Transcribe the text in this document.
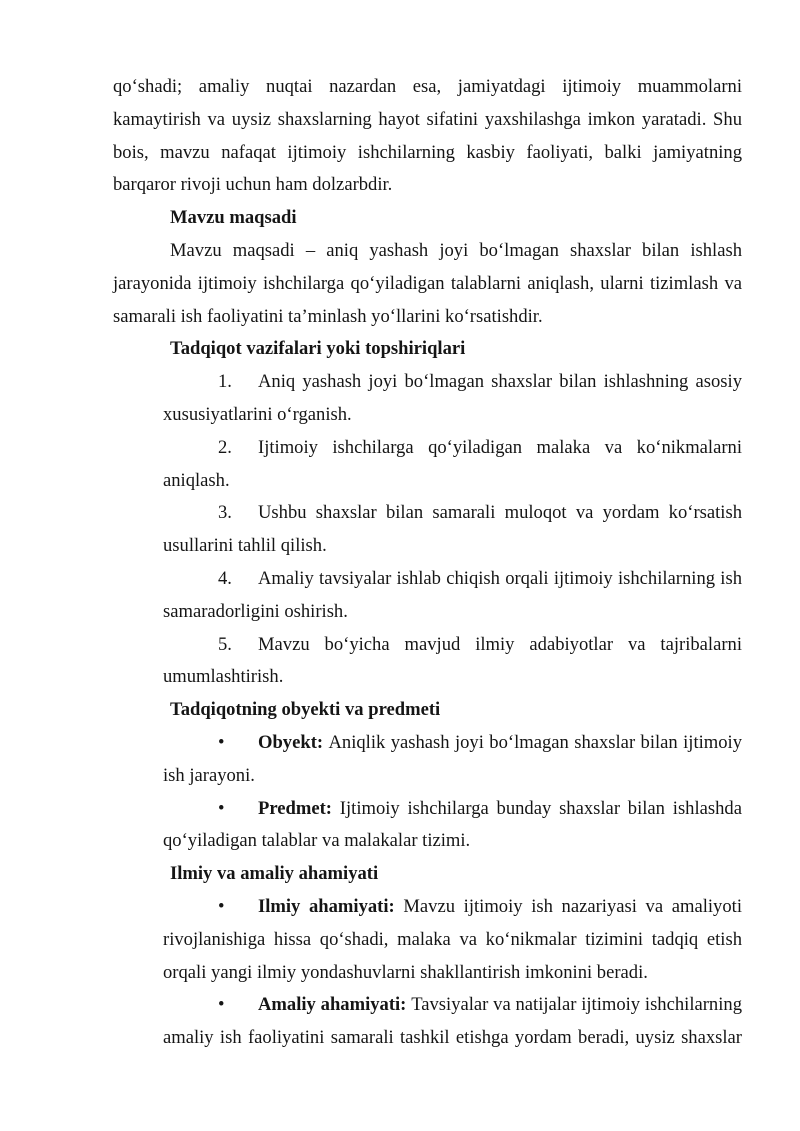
qoʻshadi; amaliy nuqtai nazardan esa, jamiyatdagi ijtimoiy muammolarni kamaytirish va uysiz shaxslarning hayot sifatini yaxshilashga imkon yaratadi. Shu bois, mavzu nafaqat ijtimoiy ishchilarning kasbiy faoliyati, balki jamiyatning barqaror rivoji uchun ham dolzarbdir.

Mavzu maqsadi

Mavzu maqsadi – aniq yashash joyi boʻlmagan shaxslar bilan ishlash jarayonida ijtimoiy ishchilarga qoʻyiladigan talablarni aniqlash, ularni tizimlash va samarali ish faoliyatini ta’minlash yoʻllarini koʻrsatishdir.

Tadqiqot vazifalari yoki topshiriqlari

1. Aniq yashash joyi boʻlmagan shaxslar bilan ishlashning asosiy xususiyatlarini oʻrganish.

2. Ijtimoiy ishchilarga qoʻyiladigan malaka va koʻnikmalarni aniqlash.

3. Ushbu shaxslar bilan samarali muloqot va yordam koʻrsatish usullarini tahlil qilish.

4. Amaliy tavsiyalar ishlab chiqish orqali ijtimoiy ishchilarning ish samaradorligini oshirish.

5. Mavzu boʻyicha mavjud ilmiy adabiyotlar va tajribalarni umumlashtirish.

Tadqiqotning obyekti va predmeti

• Obyekt: Aniqlik yashash joyi boʻlmagan shaxslar bilan ijtimoiy ish jarayoni.

• Predmet: Ijtimoiy ishchilarga bunday shaxslar bilan ishlashda qoʻyiladigan talablar va malakalar tizimi.

Ilmiy va amaliy ahamiyati

• Ilmiy ahamiyati: Mavzu ijtimoiy ish nazariyasi va amaliyoti rivojlanishiga hissa qoʻshadi, malaka va koʻnikmalar tizimini tadqiq etish orqali yangi ilmiy yondashuvlarni shakllantirish imkonini beradi.

• Amaliy ahamiyati: Tavsiyalar va natijalar ijtimoiy ishchilarning amaliy ish faoliyatini samarali tashkil etishga yordam beradi, uysiz shaxslar
